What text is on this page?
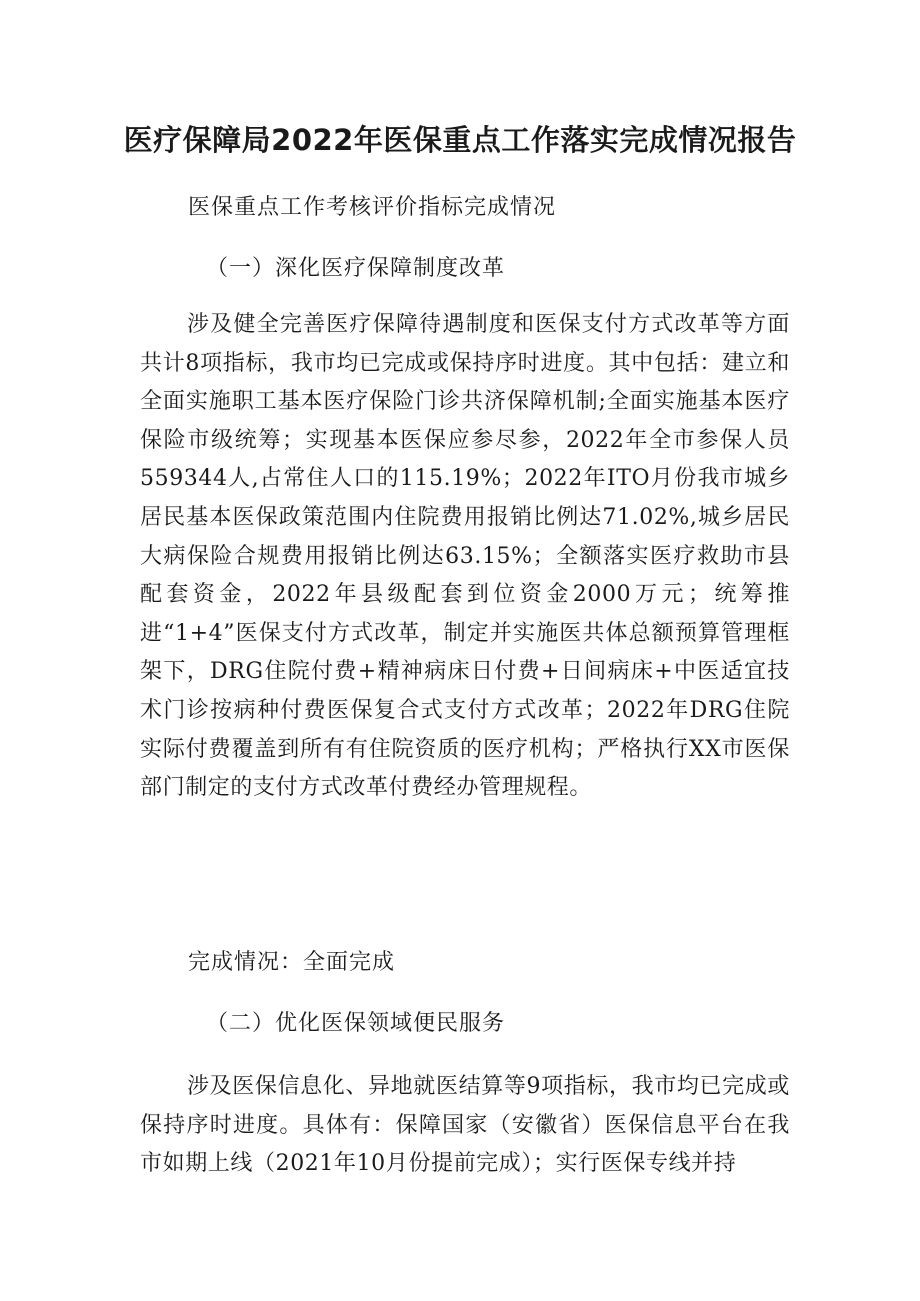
医疗保障局2022年医保重点工作落实完成情况报告

医保重点工作考核评价指标完成情况

（一）深化医疗保障制度改革

涉及健全完善医疗保障待遇制度和医保支付方式改革等方面共计8项指标，我市均已完成或保持序时进度。其中包括：建立和全面实施职工基本医疗保险门诊共济保障机制;全面实施基本医疗保险市级统筹；实现基本医保应参尽参，2022年全市参保人员559344人,占常住人口的115.19%；2022年ITO月份我市城乡居民基本医保政策范围内住院费用报销比例达71.02%,城乡居民大病保险合规费用报销比例达63.15%；全额落实医疗救助市县配套资金，2022年县级配套到位资金2000万元；统筹推进“1+4”医保支付方式改革，制定并实施医共体总额预算管理框架下，DRG住院付费+精神病床日付费+日间病床+中医适宜技术门诊按病种付费医保复合式支付方式改革；2022年DRG住院实际付费覆盖到所有有住院资质的医疗机构；严格执行XX市医保部门制定的支付方式改革付费经办管理规程。

完成情况：全面完成

（二）优化医保领域便民服务

涉及医保信息化、异地就医结算等9项指标，我市均已完成或保持序时进度。具体有：保障国家（安徽省）医保信息平台在我市如期上线（2021年10月份提前完成）；实行医保专线并持
